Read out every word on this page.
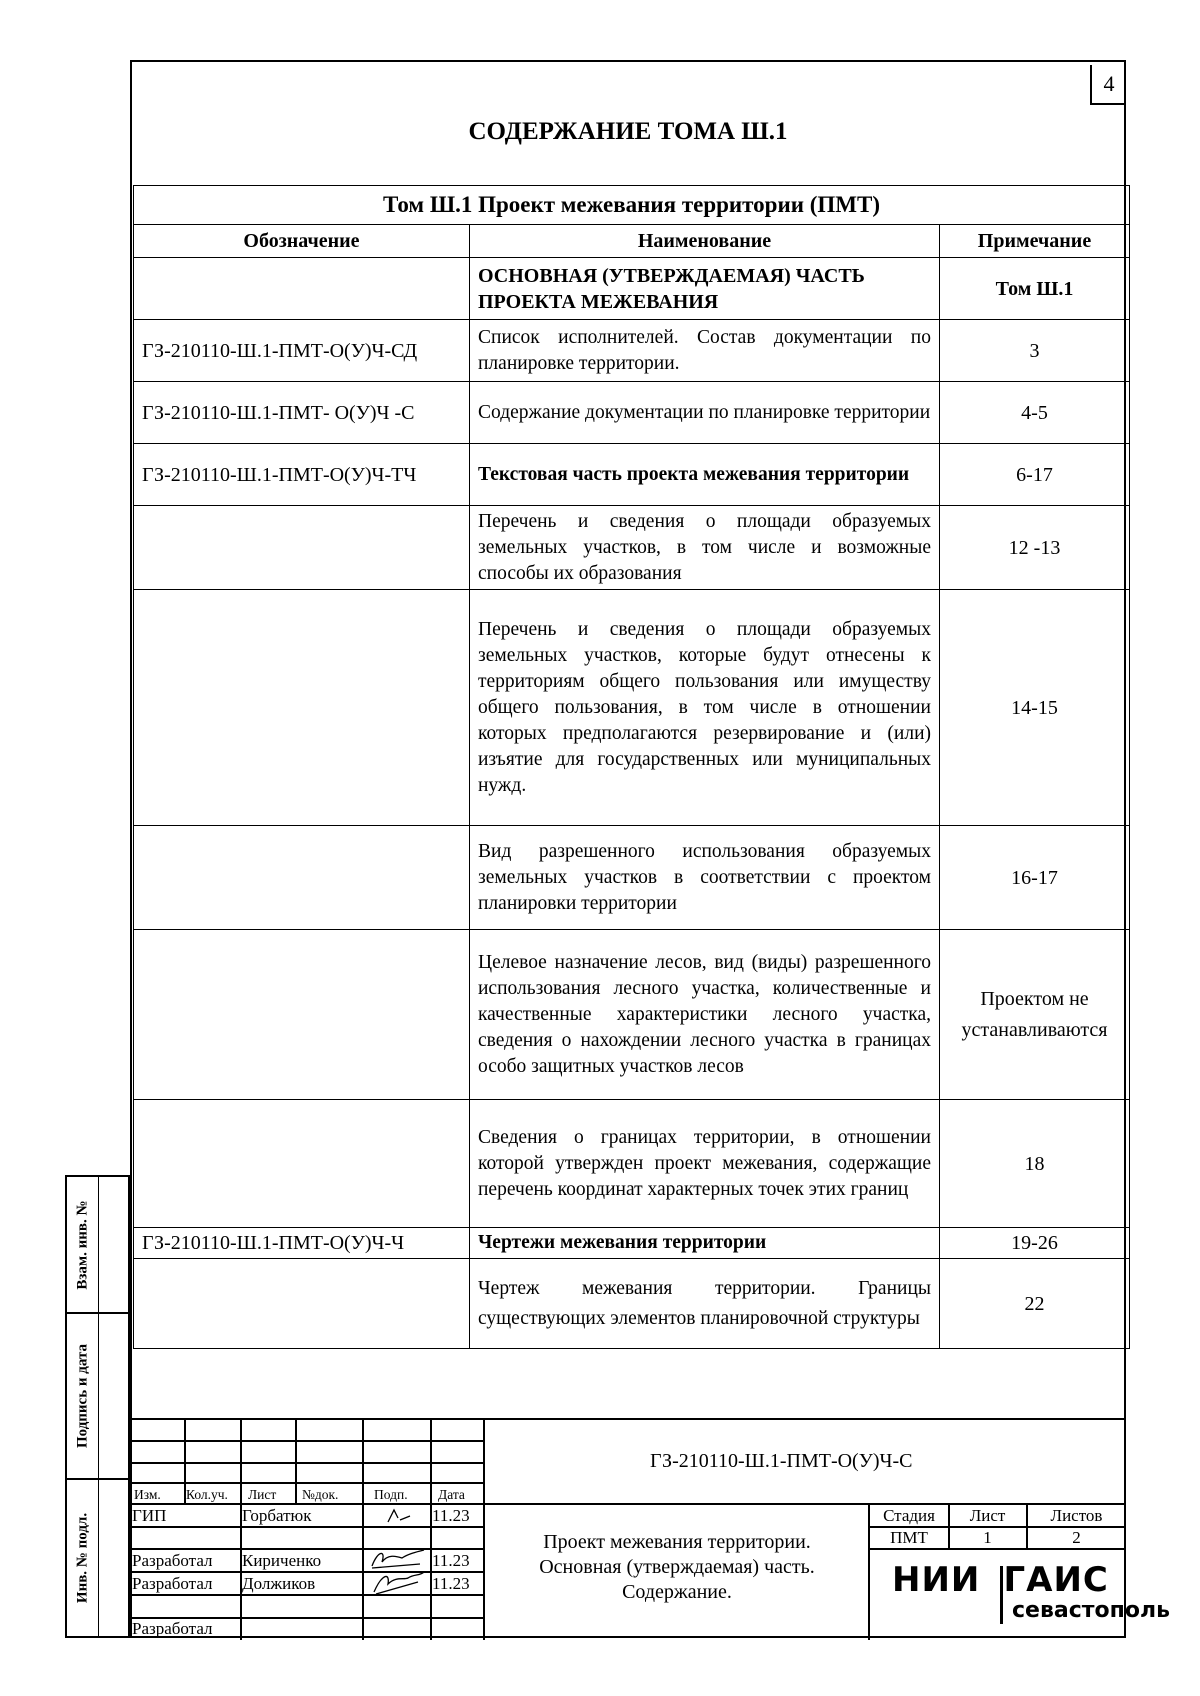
4
СОДЕРЖАНИЕ ТОМА Ш.1
Том Ш.1 Проект межевания территории (ПМТ)		
Обозначение	Наименование	Примечание
	ОСНОВНАЯ (УТВЕРЖДАЕМАЯ) ЧАСТЬ ПРОЕКТА МЕЖЕВАНИЯ	Том Ш.1
ГЗ-210110-Ш.1-ПМТ-О(У)Ч-СД	Список исполнителей. Состав документации по планировке территории.	3
ГЗ-210110-Ш.1-ПМТ- О(У)Ч -С	Содержание документации по планировке территории	4-5
ГЗ-210110-Ш.1-ПМТ-О(У)Ч-ТЧ	Текстовая часть проекта межевания территории	6-17
	Перечень и сведения о площади образуемых земельных участков, в том числе и возможные способы их образования	12 -13
	Перечень и сведения о площади образуемых земельных участков, которые будут отнесены к территориям общего пользования или имуществу общего пользования, в том числе в отношении которых предполагаются резервирование и (или) изъятие для государственных или муниципальных нужд.	14-15
	Вид разрешенного использования образуемых земельных участков в соответствии с проектом планировки территории	16-17
	Целевое назначение лесов, вид (виды) разрешенного использования лесного участка, количественные и качественные характеристики лесного участка, сведения о нахождении лесного участка в границах особо защитных участков лесов	Проектом не устанавливаются
	Сведения о границах территории, в отношении которой утвержден проект межевания, содержащие перечень координат характерных точек этих границ	18
ГЗ-210110-Ш.1-ПМТ-О(У)Ч-Ч	Чертежи межевания территории	19-26
	Чертеж межевания территории. Границы существующих элементов планировочной структуры	22
Взам. инв. №
Подпись и дата
Инв. № подл.
Изм. Кол.уч. Лист №док.	Подп. Дата
ГЗ-210110-Ш.1-ПМТ-О(У)Ч-С
ГИП	Горбатюк	11.23
Разработал Кириченко	11.23
Разработал Должиков	11.23
Разработал
Проект межевания территории.
Основная (утверждаемая) часть.
Содержание.
Стадия	Лист	Листов
ПМТ	1	2
НИИ ГАИС
севастополь
